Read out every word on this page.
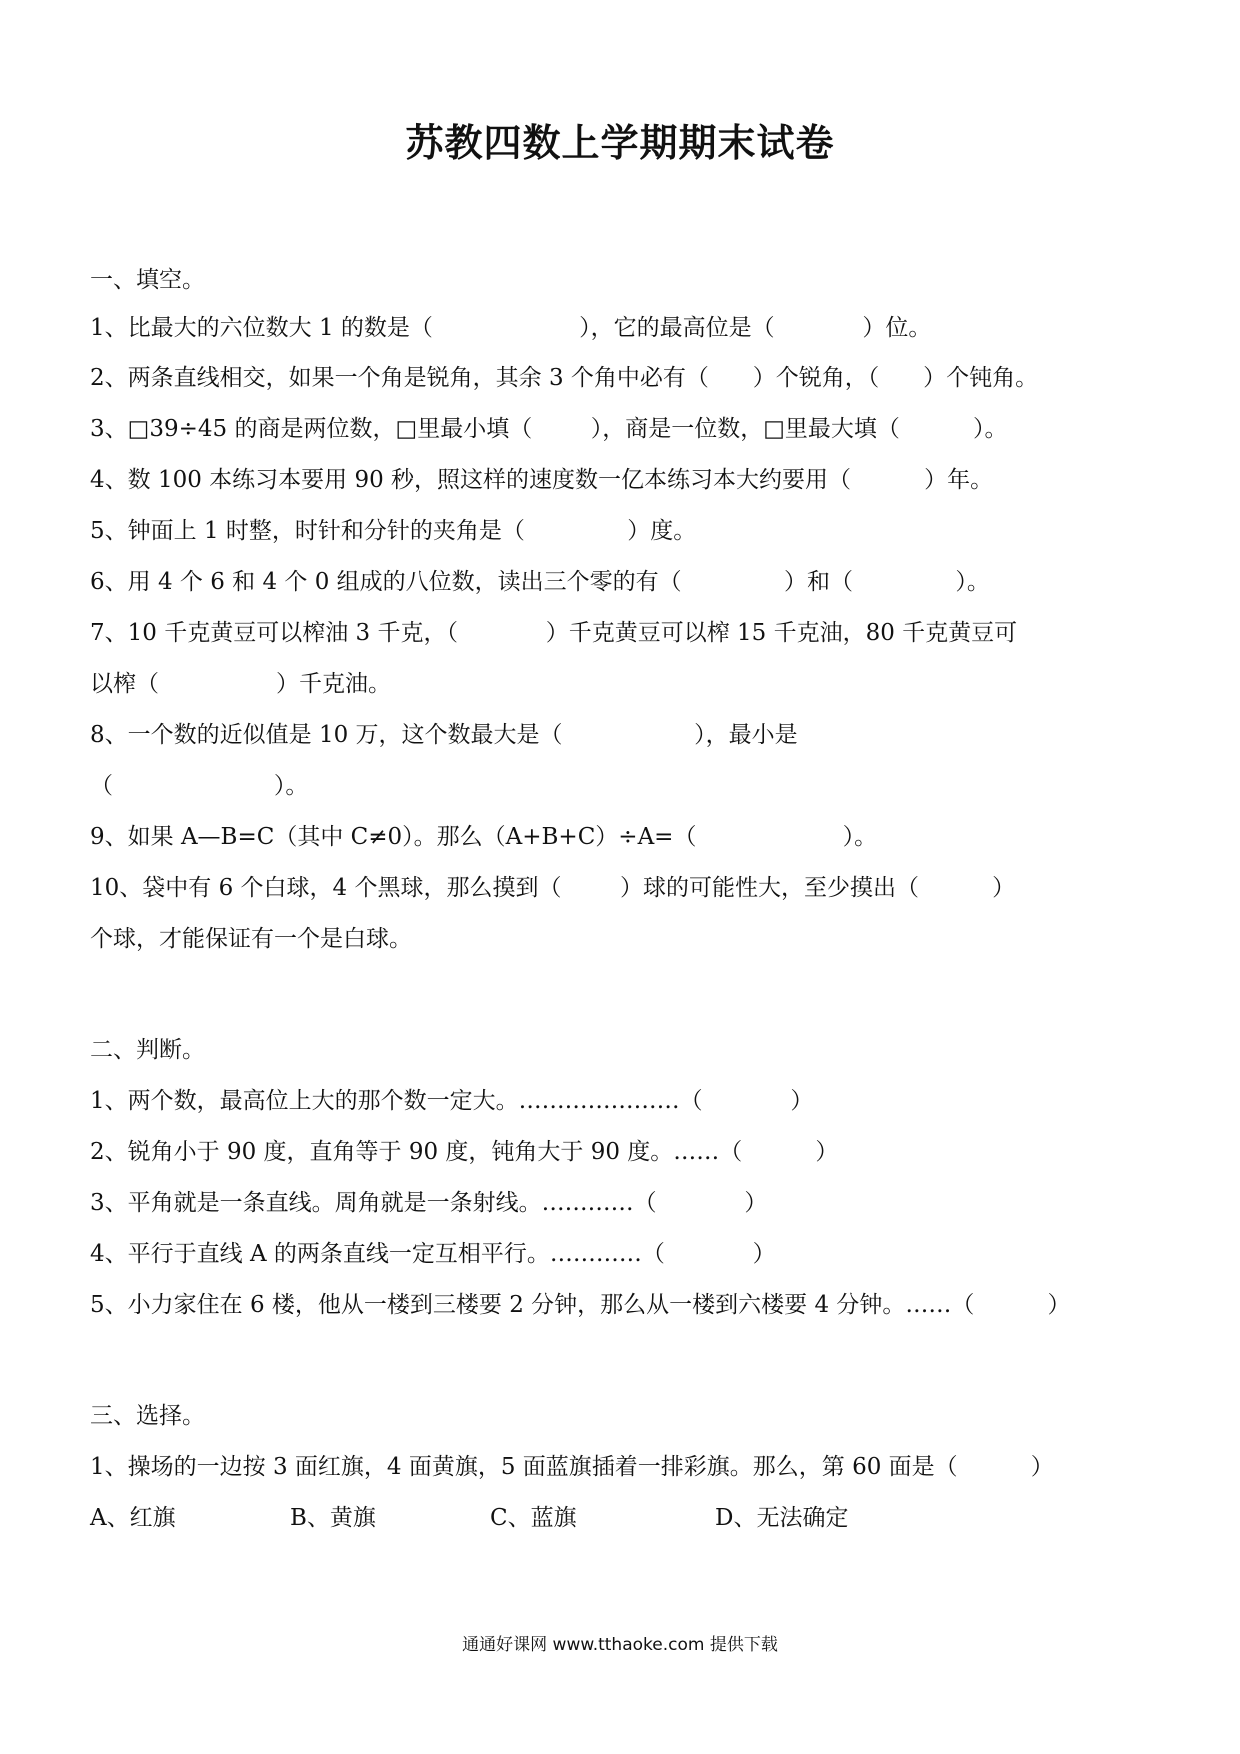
苏教四数上学期期末试卷
一、填空。
1、比最大的六位数大 1 的数是（                    ），它的最高位是（            ）位。
2、两条直线相交，如果一个角是锐角，其余 3 个角中必有（      ）个锐角，（      ）个钝角。
3、□39÷45 的商是两位数，□里最小填（        ），商是一位数，□里最大填（          ）。
4、数 100 本练习本要用 90 秒，照这样的速度数一亿本练习本大约要用（          ）年。
5、钟面上 1 时整，时针和分针的夹角是（              ）度。
6、用 4 个 6 和 4 个 0 组成的八位数，读出三个零的有（              ）和（              ）。
7、10 千克黄豆可以榨油 3 千克，（            ）千克黄豆可以榨 15 千克油，80 千克黄豆可
以榨（                ）千克油。
8、一个数的近似值是 10 万，这个数最大是（                  ），最小是
（                      ）。
9、如果 A—B=C（其中 C≠0）。那么（A+B+C）÷A=（                    ）。
10、袋中有 6 个白球，4 个黑球，那么摸到（        ）球的可能性大，至少摸出（          ）
个球，才能保证有一个是白球。
二、判断。
1、两个数，最高位上大的那个数一定大。…………………（            ）
2、锐角小于 90 度，直角等于 90 度，钝角大于 90 度。……（          ）
3、平角就是一条直线。周角就是一条射线。…………（            ）
4、平行于直线 A 的两条直线一定互相平行。…………（            ）
5、小力家住在 6 楼，他从一楼到三楼要 2 分钟，那么从一楼到六楼要 4 分钟。……（          ）
三、选择。
1、操场的一边按 3 面红旗，4 面黄旗，5 面蓝旗插着一排彩旗。那么，第 60 面是（          ）
A、红旗	B、黄旗	C、蓝旗	D、无法确定
通通好课网 www.tthaoke.com 提供下载
